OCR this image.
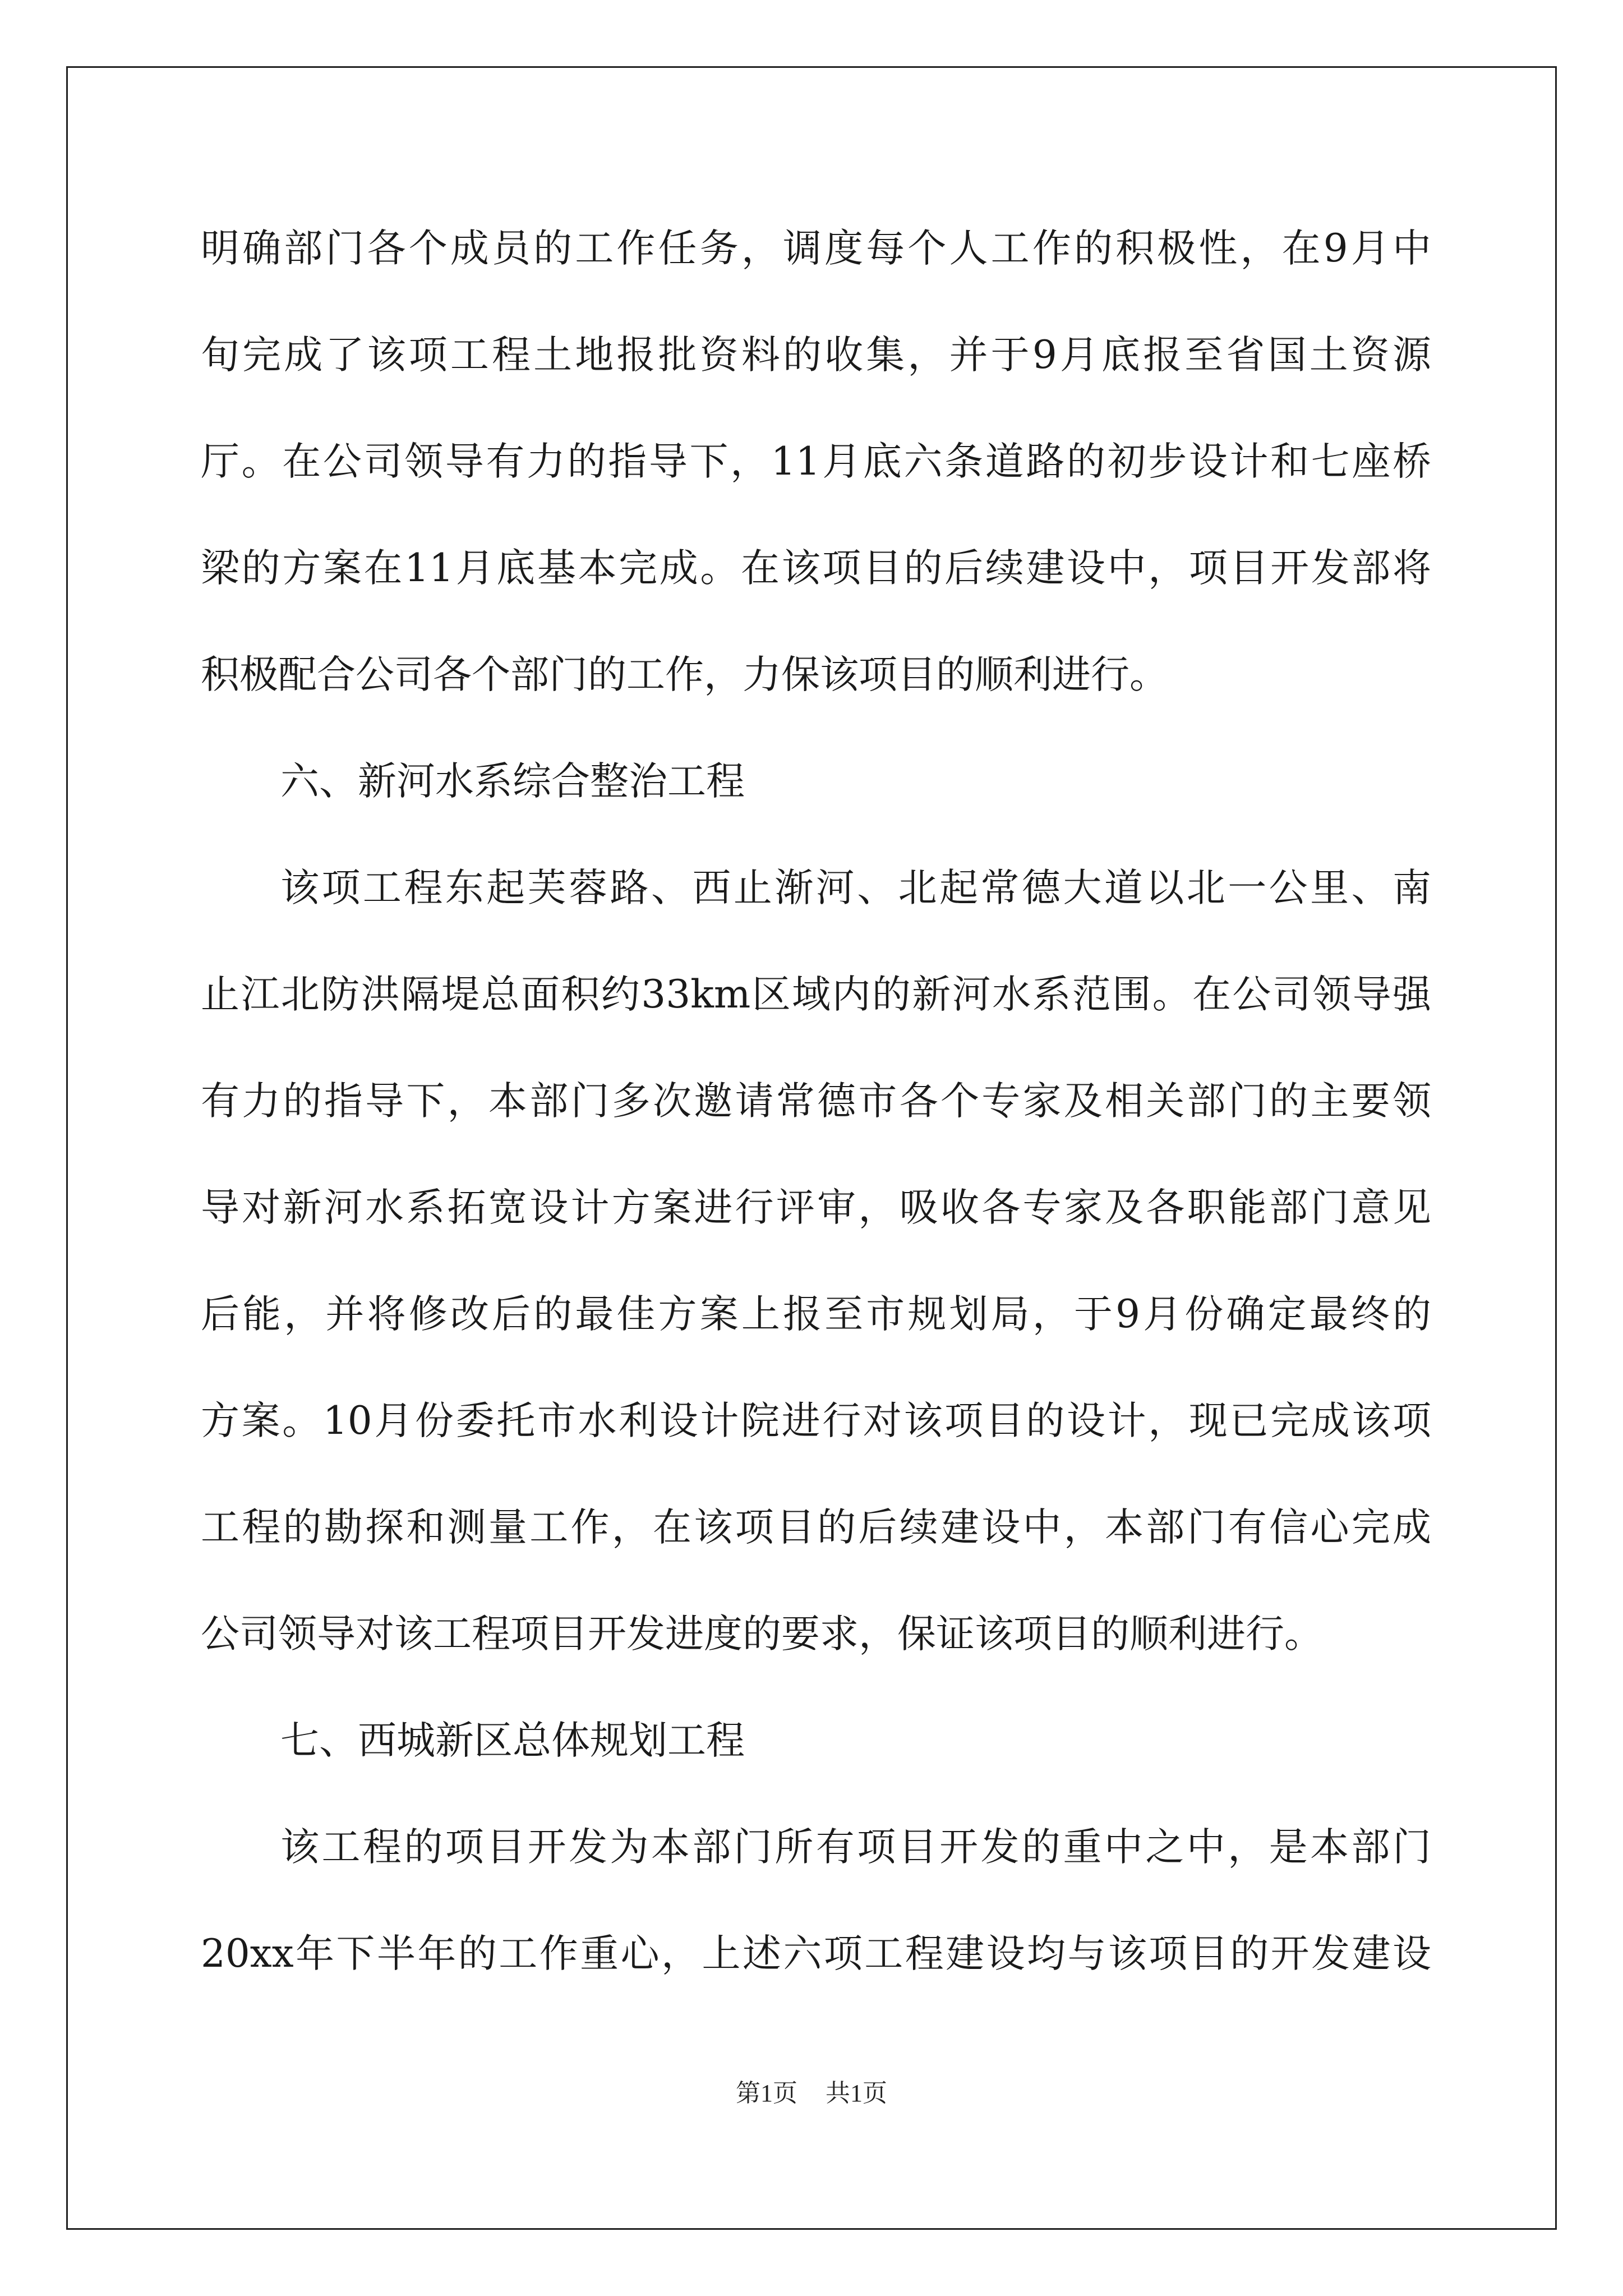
明确部门各个成员的工作任务，调度每个人工作的积极性，在9月中
旬完成了该项工程土地报批资料的收集，并于9月底报至省国土资源
厅。在公司领导有力的指导下，11月底六条道路的初步设计和七座桥
梁的方案在11月底基本完成。在该项目的后续建设中，项目开发部将
积极配合公司各个部门的工作，力保该项目的顺利进行。
六、新河水系综合整治工程
该项工程东起芙蓉路、西止渐河、北起常德大道以北一公里、南
止江北防洪隔堤总面积约33km区域内的新河水系范围。在公司领导强
有力的指导下，本部门多次邀请常德市各个专家及相关部门的主要领
导对新河水系拓宽设计方案进行评审，吸收各专家及各职能部门意见
后能，并将修改后的最佳方案上报至市规划局，于9月份确定最终的
方案。10月份委托市水利设计院进行对该项目的设计，现已完成该项
工程的勘探和测量工作，在该项目的后续建设中，本部门有信心完成
公司领导对该工程项目开发进度的要求，保证该项目的顺利进行。
七、西城新区总体规划工程
该工程的项目开发为本部门所有项目开发的重中之中，是本部门
20xx年下半年的工作重心，上述六项工程建设均与该项目的开发建设
第1页 共1页
